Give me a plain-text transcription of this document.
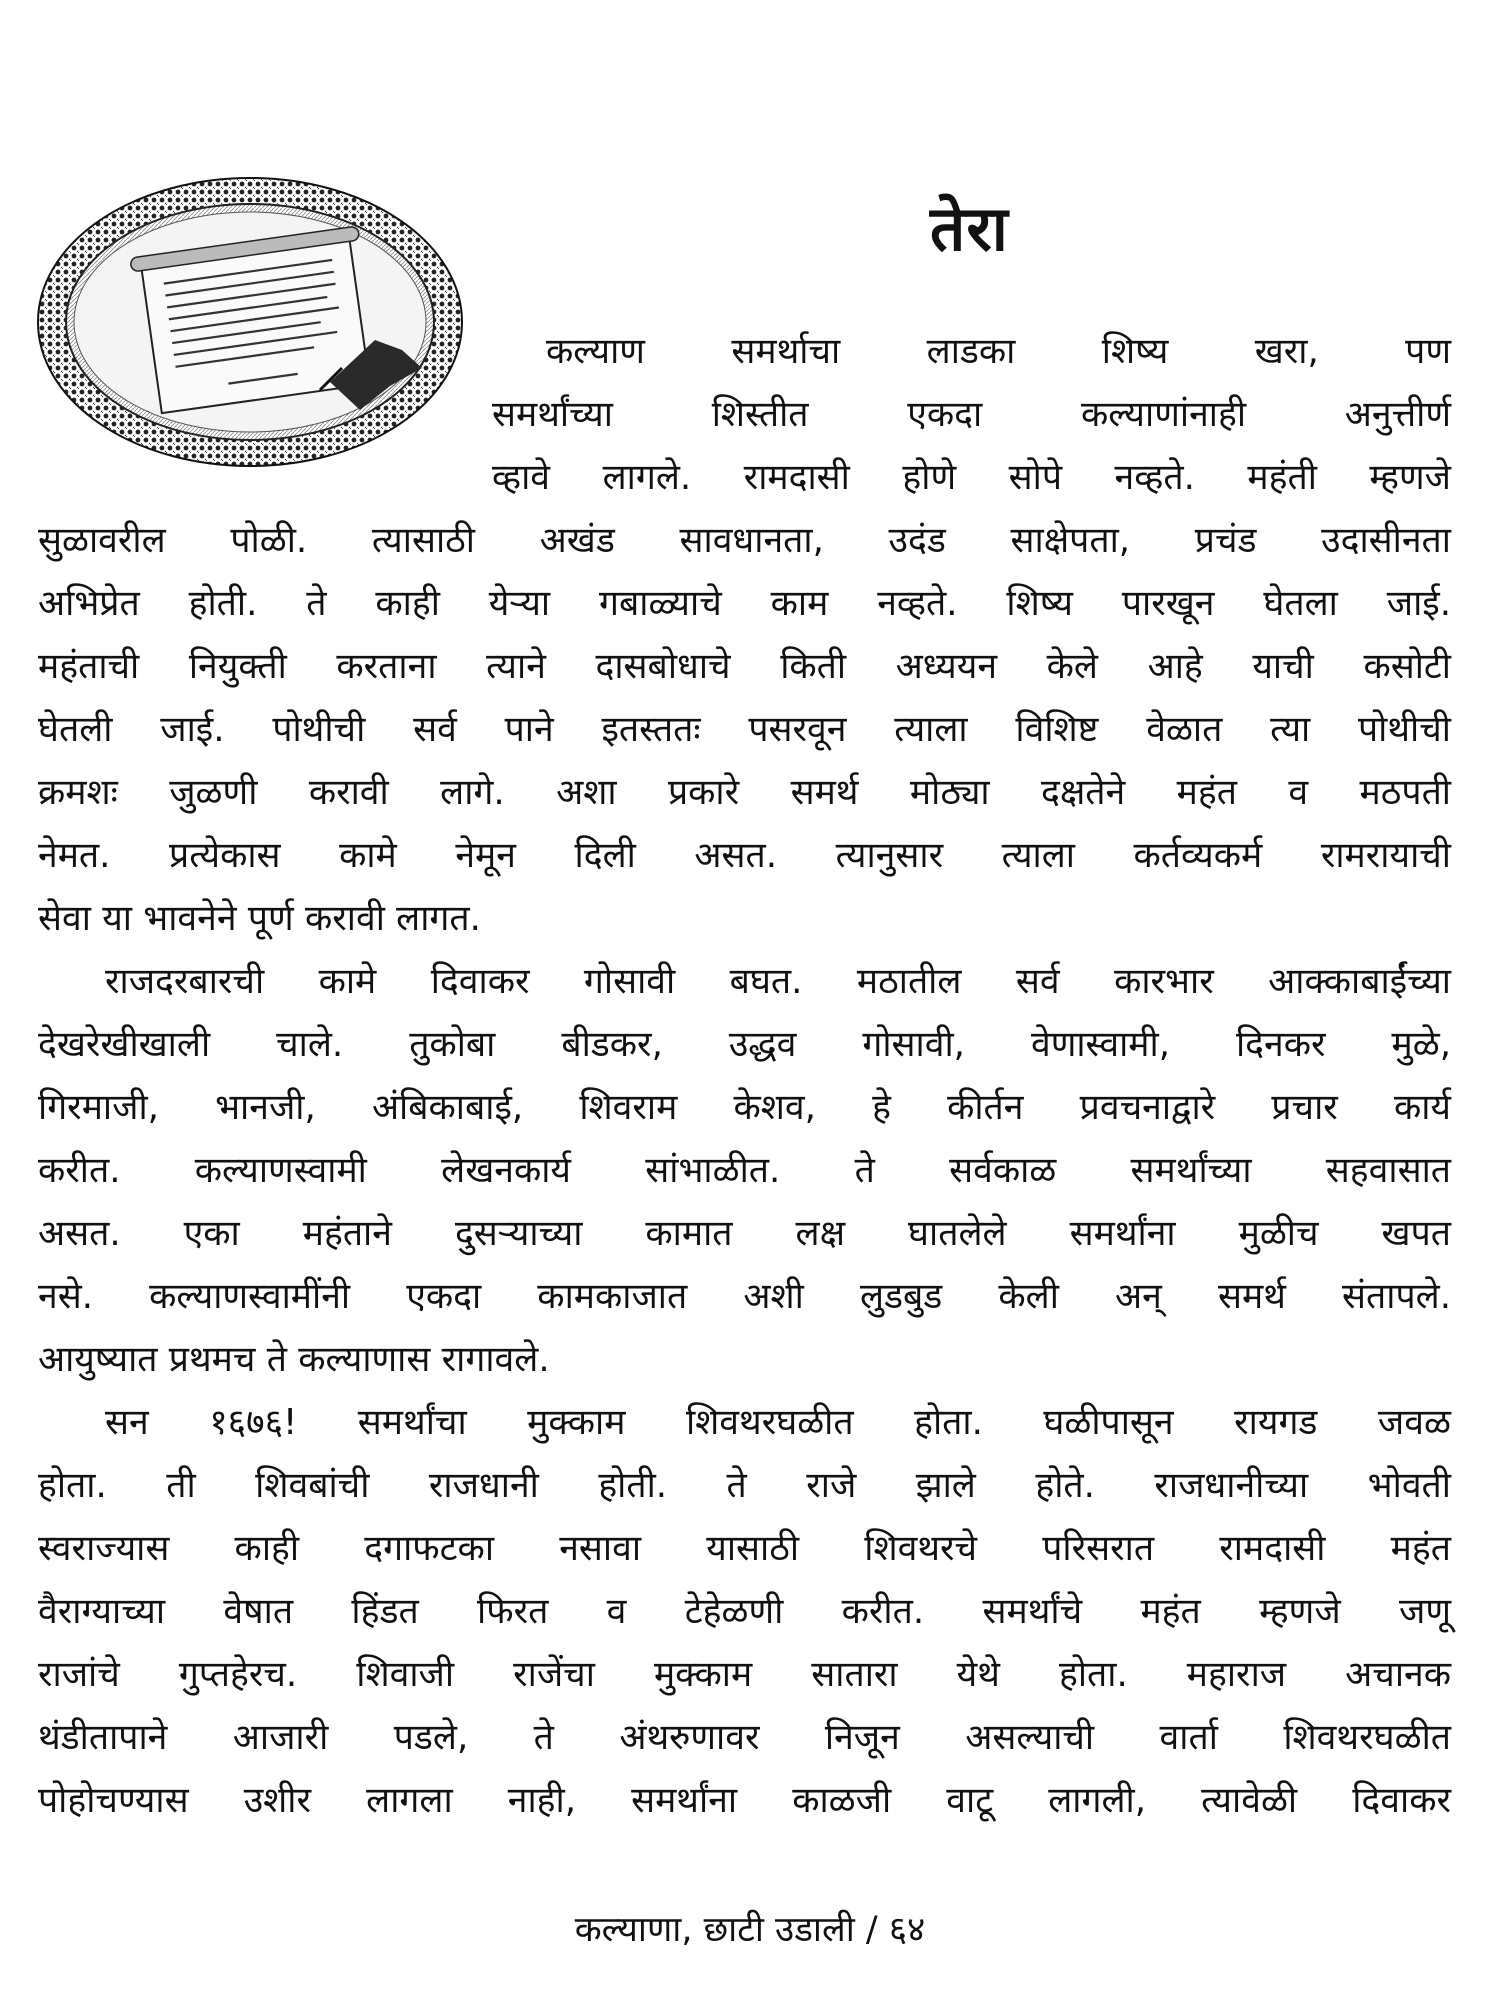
तेरा
कल्याण समर्थाचा लाडका शिष्य खरा, पण
समर्थांच्या शिस्तीत एकदा कल्याणांनाही अनुत्तीर्ण
व्हावे लागले. रामदासी होणे सोपे नव्हते. महंती म्हणजे
सुळावरील पोळी. त्यासाठी अखंड सावधानता, उदंड साक्षेपता, प्रचंड उदासीनता
अभिप्रेत होती. ते काही येऱ्या गबाळ्याचे काम नव्हते. शिष्य पारखून घेतला जाई.
महंताची नियुक्ती करताना त्याने दासबोधाचे किती अध्ययन केले आहे याची कसोटी
घेतली जाई. पोथीची सर्व पाने इतस्ततः पसरवून त्याला विशिष्ट वेळात त्या पोथीची
क्रमशः जुळणी करावी लागे. अशा प्रकारे समर्थ मोठ्या दक्षतेने महंत व मठपती
नेमत. प्रत्येकास कामे नेमून दिली असत. त्यानुसार त्याला कर्तव्यकर्म रामरायाची
सेवा या भावनेने पूर्ण करावी लागत.
राजदरबारची कामे दिवाकर गोसावी बघत. मठातील सर्व कारभार आक्काबाईंच्या
देखरेखीखाली चाले. तुकोबा बीडकर, उद्धव गोसावी, वेणास्वामी, दिनकर मुळे,
गिरमाजी, भानजी, अंबिकाबाई, शिवराम केशव, हे कीर्तन प्रवचनाद्वारे प्रचार कार्य
करीत. कल्याणस्वामी लेखनकार्य सांभाळीत. ते सर्वकाळ समर्थांच्या सहवासात
असत. एका महंताने दुसऱ्याच्या कामात लक्ष घातलेले समर्थांना मुळीच खपत
नसे. कल्याणस्वामींनी एकदा कामकाजात अशी लुडबुड केली अन् समर्थ संतापले.
आयुष्यात प्रथमच ते कल्याणास रागावले.
सन १६७६! समर्थांचा मुक्काम शिवथरघळीत होता. घळीपासून रायगड जवळ
होता. ती शिवबांची राजधानी होती. ते राजे झाले होते. राजधानीच्या भोवती
स्वराज्यास काही दगाफटका नसावा यासाठी शिवथरचे परिसरात रामदासी महंत
वैराग्याच्या वेषात हिंडत फिरत व टेहेळणी करीत. समर्थांचे महंत म्हणजे जणू
राजांचे गुप्तहेरच. शिवाजी राजेंचा मुक्काम सातारा येथे होता. महाराज अचानक
थंडीतापाने आजारी पडले, ते अंथरुणावर निजून असल्याची वार्ता शिवथरघळीत
पोहोचण्यास उशीर लागला नाही, समर्थांना काळजी वाटू लागली, त्यावेळी दिवाकर
कल्याणा, छाटी उडाली / ६४
